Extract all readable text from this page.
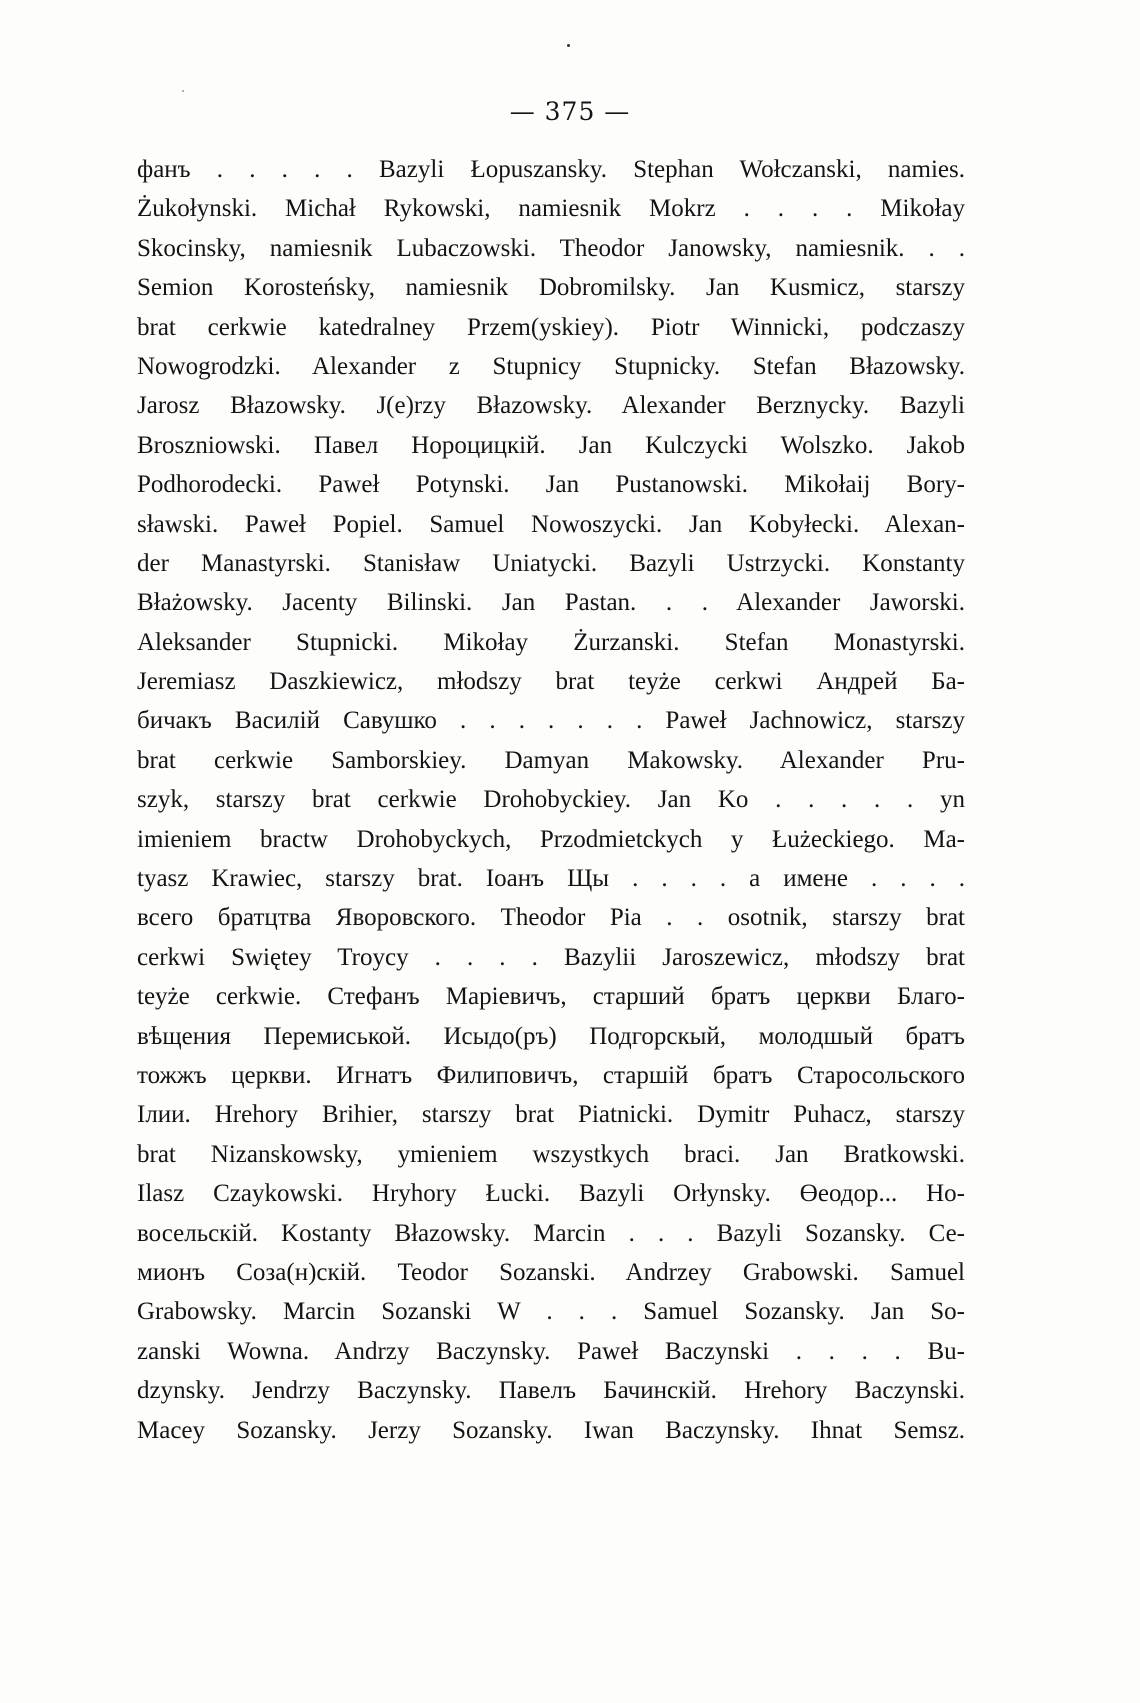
— 375 —
фанъ . . . . . Bazyli Łopuszansky. Stephan Wołczanski, namies.
Żukołynski. Michał Rykowski, namiesnik Mokrz . . . . Mikołay
Skocinsky, namiesnik Lubaczowski. Theodor Janowsky, namiesnik. . .
Semion Korosteńsky, namiesnik Dobromilsky. Jan Kusmicz, starszy
brat cerkwie katedralney Przem(yskiey). Piotr Winnicki, podczaszy
Nowogrodzki. Alexander z Stupnicy Stupnicky. Stefan Błazowsky.
Jarosz Błazowsky. J(e)rzy Błazowsky. Alexander Berznycky. Bazyli
Broszniowski. Павел Нороцицкій. Jan Kulczycki Wolszko. Jakob
Podhorodecki. Paweł Potynski. Jan Pustanowski. Mikołaij Bory-
sławski. Paweł Popiel. Samuel Nowoszycki. Jan Kobyłecki. Alexan-
der Manastyrski. Stanisław Uniatycki. Bazyli Ustrzycki. Konstanty
Błażowsky. Jacenty Bilinski. Jan Pastan. . . Alexander Jaworski.
Aleksander Stupnicki. Mikołay Żurzanski. Stefan Monastyrski.
Jeremiasz Daszkiewicz, młodszy brat teyże cerkwi Андрей Ба-
бичакъ Василій Савушко . . . . . . . Paweł Jachnowicz, starszy
brat cerkwie Samborskiey. Damyan Makowsky. Alexander Pru-
szyk, starszy brat cerkwie Drohobyckiey. Jan Ko . . . . . yn
imieniem bractw Drohobyckych, Przodmietckych y Łużeckiego. Ma-
tyasz Krawiec, starszy brat. Іоанъ Щы . . . . а имене . . . .
всего братцтва Яворовского. Theodor Pia . . osotnik, starszy brat
cerkwi Swiętey Troycy . . . . Bazylii Jaroszewicz, młodszy brat
teyże cerkwie. Стефанъ Маріевичъ, старший братъ церкви Благо-
вѣщения Перемиськой. Исыдо(ръ) Подгорскый, молодшый братъ
тожжъ церкви. Игнатъ Филиповичъ, старшій братъ Старосольского
Ілии. Hrehory Brihier, starszy brat Piatnicki. Dymitr Puhacz, starszy
brat Nizanskowsky, ymieniem wszystkych braci. Jan Bratkowski.
Ilasz Czaykowski. Hryhory Łucki. Bazyli Orłynsky. Өеодор... Но-
восельскій. Kostanty Błazowsky. Marcin . . . Bazyli Sozansky. Се-
мионъ Соза(н)скій. Teodor Sozanski. Andrzey Grabowski. Samuel
Grabowsky. Marcin Sozanski W . . . Samuel Sozansky. Jan So-
zanski Wowna. Andrzy Baczynsky. Paweł Baczynski . . . . Bu-
dzynsky. Jendrzy Baczynsky. Павелъ Бачинскій. Hrehory Baczynski.
Macey Sozansky. Jerzy Sozansky. Iwan Baczynsky. Ihnat Semsz.
